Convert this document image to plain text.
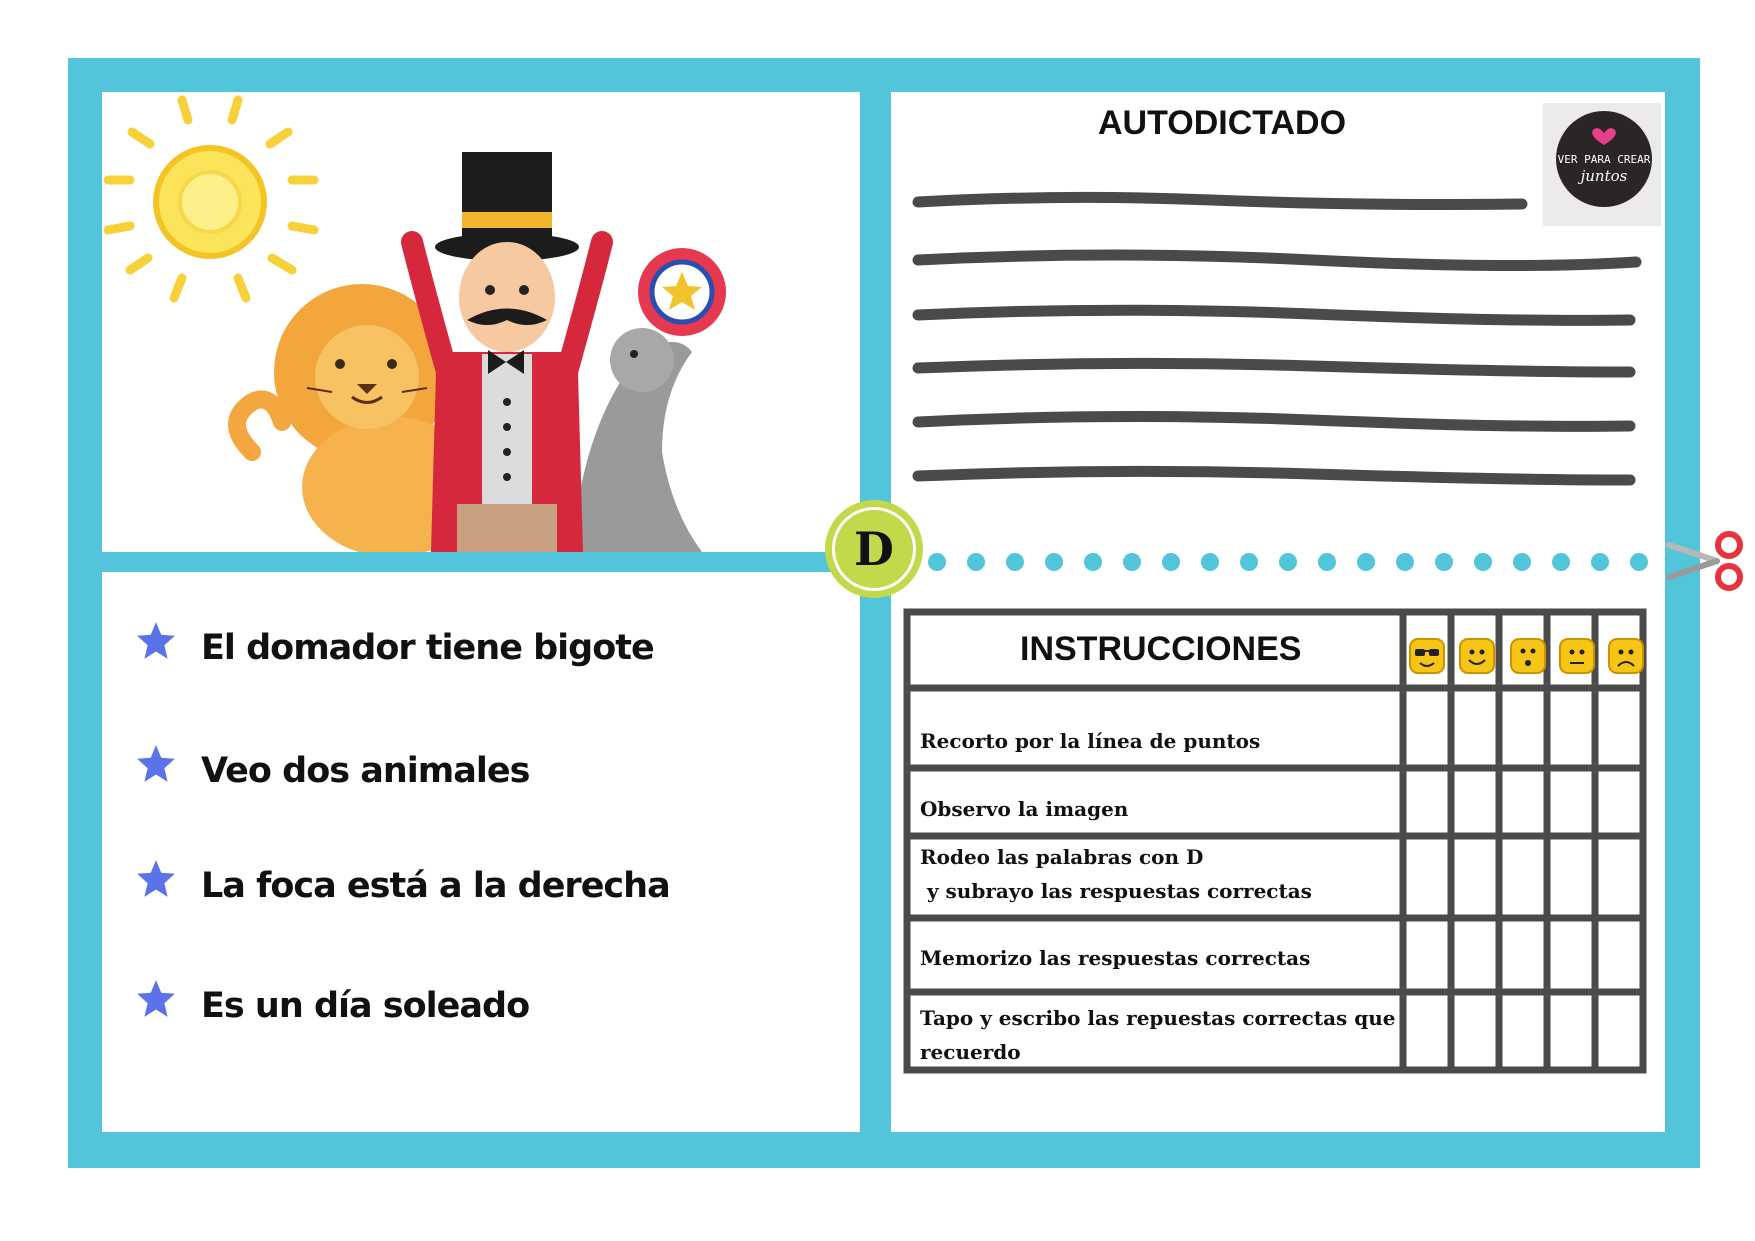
El domador tiene bigote
Veo dos animales
La foca está a la derecha
Es un día soleado
AUTODICTADO
VER PARA CREAR
juntos
D
INSTRUCCIONES
Recorto por la línea de puntos
Observo la imagen
Rodeo las palabras con D
y subrayo las respuestas correctas
Memorizo las respuestas correctas
Tapo y escribo las repuestas correctas que
recuerdo
